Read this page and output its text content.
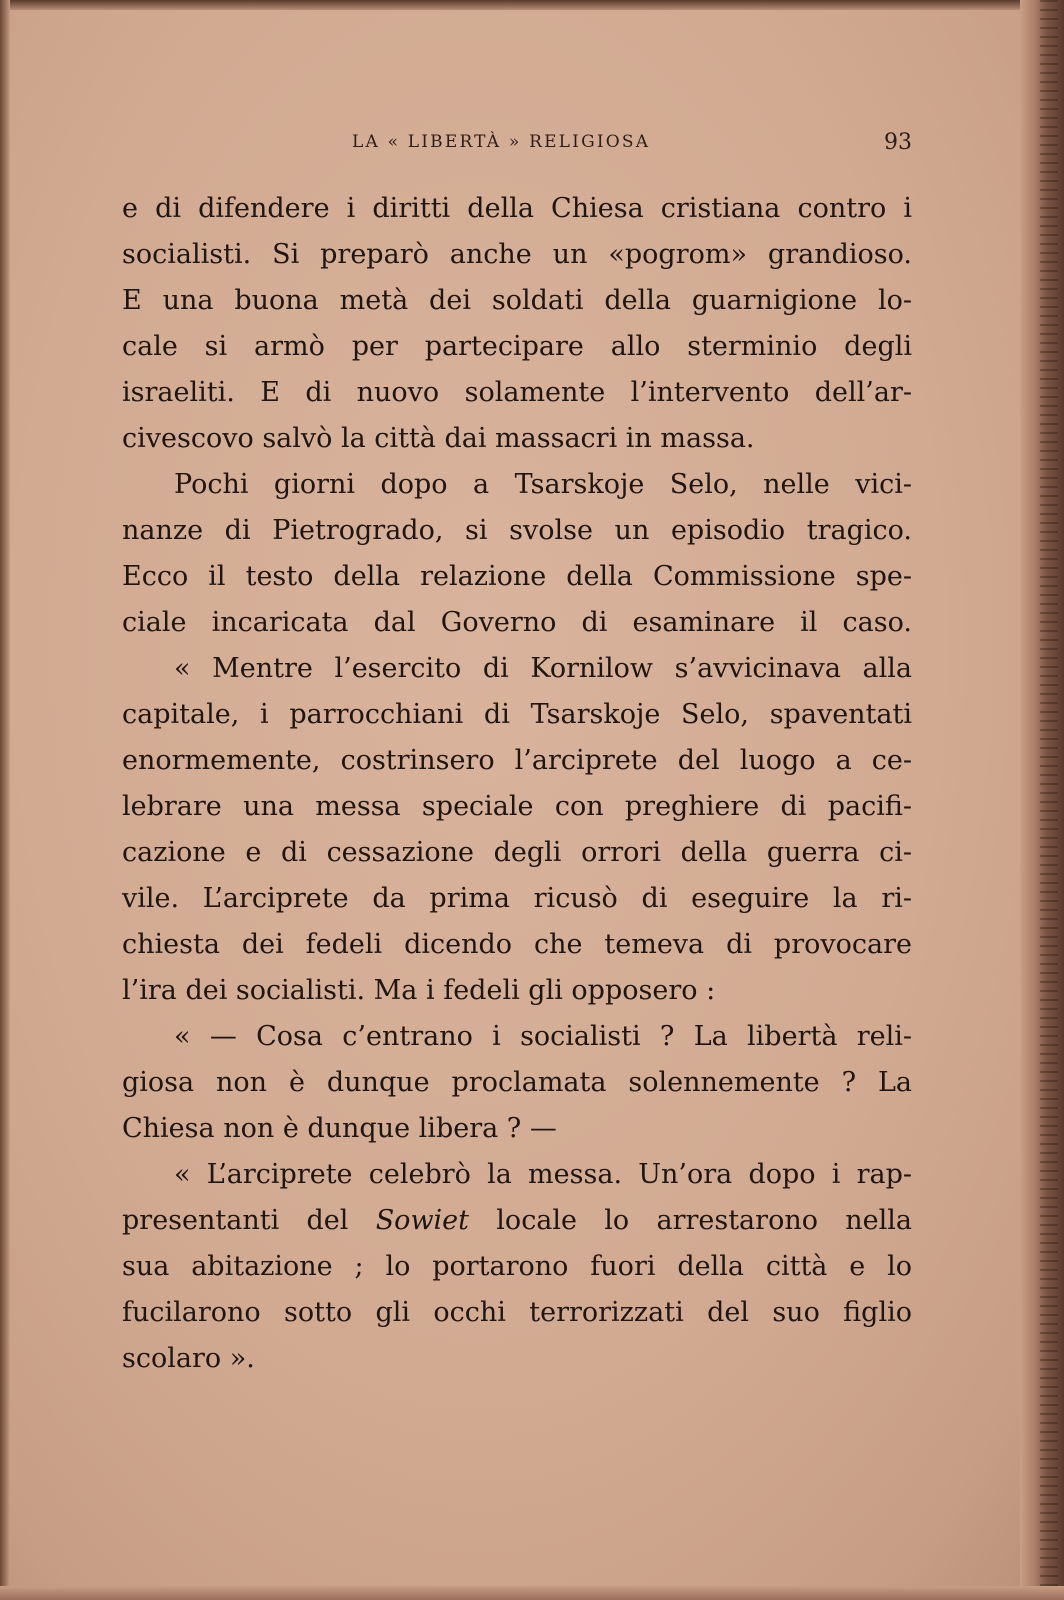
LA « LIBERTÀ » RELIGIOSA	93
e di difendere i diritti della Chiesa cristiana contro i
socialisti. Si preparò anche un «pogrom» grandioso.
E una buona metà dei soldati della guarnigione lo-
cale si armò per partecipare allo sterminio degli
israeliti. E di nuovo solamente l’intervento dell’ar-
civescovo salvò la città dai massacri in massa.
Pochi giorni dopo a Tsarskoje Selo, nelle vici-
nanze di Pietrogrado, si svolse un episodio tragico.
Ecco il testo della relazione della Commissione spe-
ciale incaricata dal Governo di esaminare il caso.
« Mentre l’esercito di Kornilow s’avvicinava alla
capitale, i parrocchiani di Tsarskoje Selo, spaventati
enormemente, costrinsero l’arciprete del luogo a ce-
lebrare una messa speciale con preghiere di pacifi-
cazione e di cessazione degli orrori della guerra ci-
vile. L’arciprete da prima ricusò di eseguire la ri-
chiesta dei fedeli dicendo che temeva di provocare
l’ira dei socialisti. Ma i fedeli gli opposero :
« — Cosa c’entrano i socialisti ? La libertà reli-
giosa non è dunque proclamata solennemente ? La
Chiesa non è dunque libera ? —
« L’arciprete celebrò la messa. Un’ora dopo i rap-
presentanti del Sowiet locale lo arrestarono nella
sua abitazione ; lo portarono fuori della città e lo
fucilarono sotto gli occhi terrorizzati del suo figlio
scolaro ».
